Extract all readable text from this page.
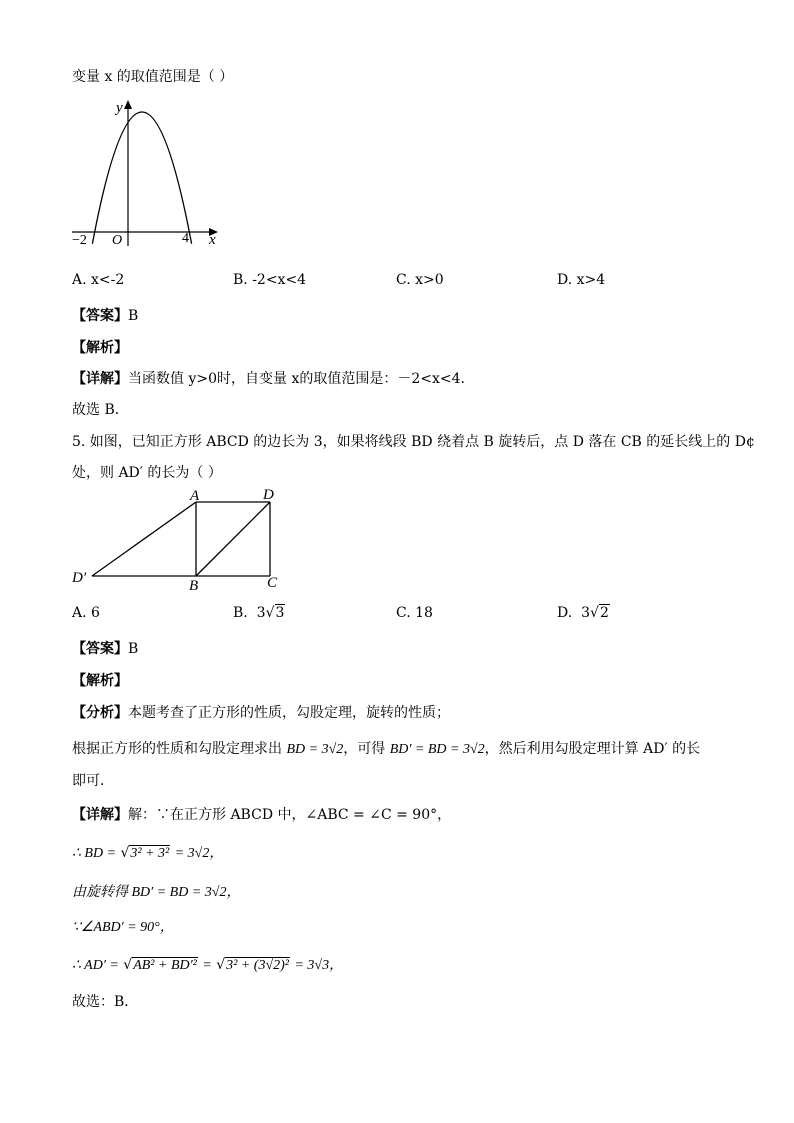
变量 x 的取值范围是（ ）
y
x
O
−2	4
A. x<-2	B. -2<x<4	C. x>0	D. x>4
【答案】B
【解析】
【详解】当函数值 y>0时，自变量 x的取值范围是：－2<x<4．
故选 B．
5. 如图，已知正方形 ABCD 的边长为 3，如果将线段 BD 绕着点 B 旋转后，点 D 落在 CB 的延长线上的 D¢
处，则 AD′ 的长为（ ）
A	D
B	C
D′
A. 6	B. 3√3	C. 18	D. 3√2
【答案】B
【解析】
【分析】本题考查了正方形的性质，勾股定理，旋转的性质；
根据正方形的性质和勾股定理求出 BD = 3√2，可得 BD′ = BD = 3√2，然后利用勾股定理计算 AD′ 的长
即可．
【详解】解：∵在正方形 ABCD 中，∠ABC = ∠C = 90°，
∴ BD = √3² + 3² = 3√2，
由旋转得 BD′ = BD = 3√2，
∵∠ABD′ = 90°，
∴ AD′ = √AB² + BD′² = √3² + (3√2)² = 3√3，
故选：B．
